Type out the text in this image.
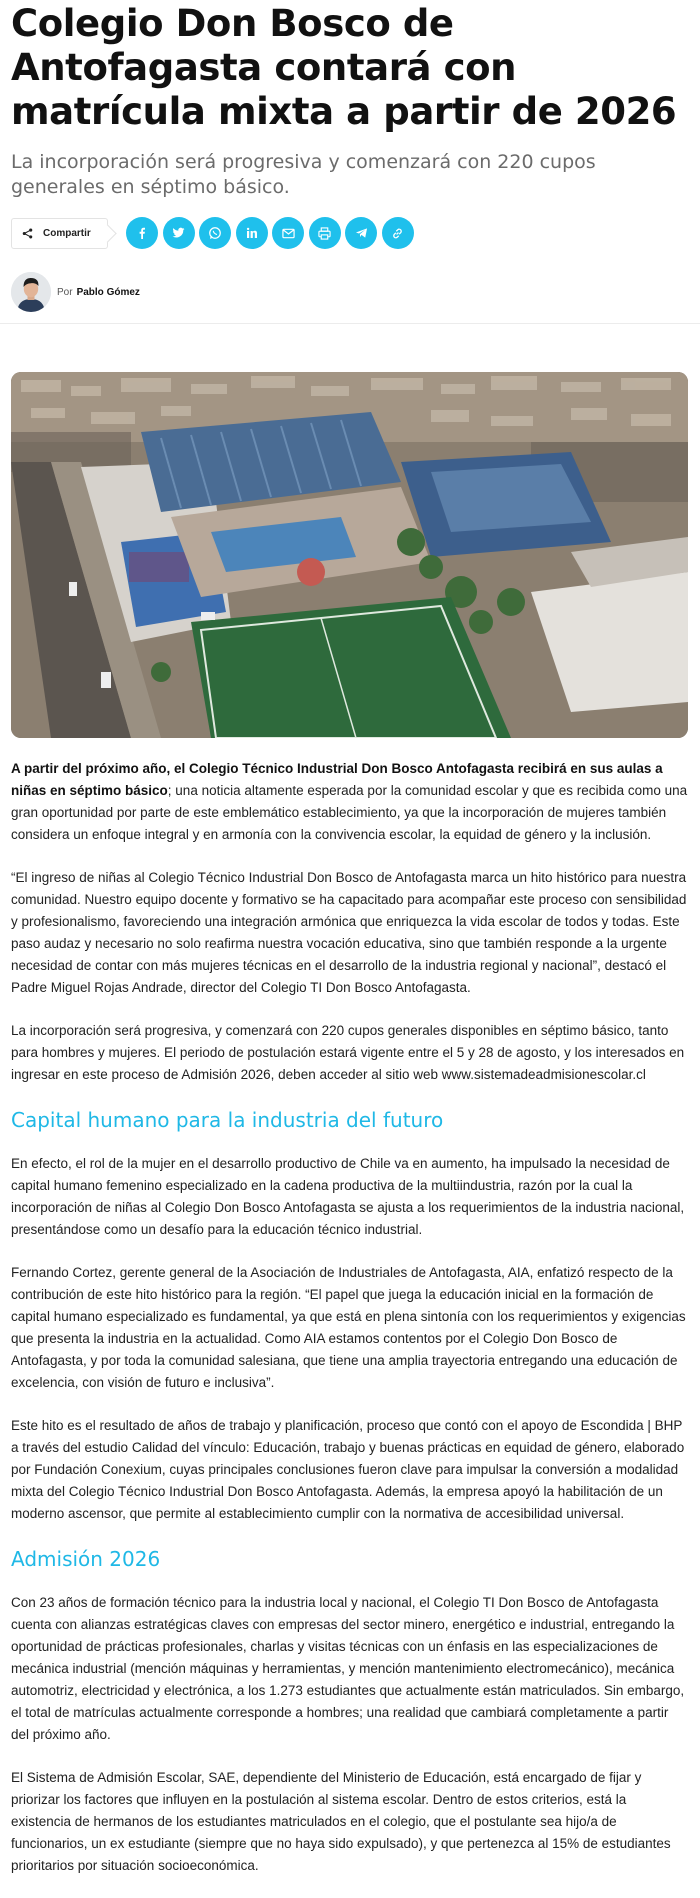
Colegio Don Bosco de Antofagasta contará con matrícula mixta a partir de 2026

La incorporación será progresiva y comenzará con 220 cupos generales en séptimo básico.

Compartir
Por Pablo Gómez

A partir del próximo año, el Colegio Técnico Industrial Don Bosco Antofagasta recibirá en sus aulas a niñas en séptimo básico; una noticia altamente esperada por la comunidad escolar y que es recibida como una gran oportunidad por parte de este emblemático establecimiento, ya que la incorporación de mujeres también considera un enfoque integral y en armonía con la convivencia escolar, la equidad de género y la inclusión.

“El ingreso de niñas al Colegio Técnico Industrial Don Bosco de Antofagasta marca un hito histórico para nuestra comunidad. Nuestro equipo docente y formativo se ha capacitado para acompañar este proceso con sensibilidad y profesionalismo, favoreciendo una integración armónica que enriquezca la vida escolar de todos y todas. Este paso audaz y necesario no solo reafirma nuestra vocación educativa, sino que también responde a la urgente necesidad de contar con más mujeres técnicas en el desarrollo de la industria regional y nacional”, destacó el Padre Miguel Rojas Andrade, director del Colegio TI Don Bosco Antofagasta.

La incorporación será progresiva, y comenzará con 220 cupos generales disponibles en séptimo básico, tanto para hombres y mujeres. El periodo de postulación estará vigente entre el 5 y 28 de agosto, y los interesados en ingresar en este proceso de Admisión 2026, deben acceder al sitio web www.sistemadeadmisionescolar.cl

Capital humano para la industria del futuro

En efecto, el rol de la mujer en el desarrollo productivo de Chile va en aumento, ha impulsado la necesidad de capital humano femenino especializado en la cadena productiva de la multiindustria, razón por la cual la incorporación de niñas al Colegio Don Bosco Antofagasta se ajusta a los requerimientos de la industria nacional, presentándose como un desafío para la educación técnico industrial.

Fernando Cortez, gerente general de la Asociación de Industriales de Antofagasta, AIA, enfatizó respecto de la contribución de este hito histórico para la región. “El papel que juega la educación inicial en la formación de capital humano especializado es fundamental, ya que está en plena sintonía con los requerimientos y exigencias que presenta la industria en la actualidad. Como AIA estamos contentos por el Colegio Don Bosco de Antofagasta, y por toda la comunidad salesiana, que tiene una amplia trayectoria entregando una educación de excelencia, con visión de futuro e inclusiva”.

Este hito es el resultado de años de trabajo y planificación, proceso que contó con el apoyo de Escondida | BHP a través del estudio Calidad del vínculo: Educación, trabajo y buenas prácticas en equidad de género, elaborado por Fundación Conexium, cuyas principales conclusiones fueron clave para impulsar la conversión a modalidad mixta del Colegio Técnico Industrial Don Bosco Antofagasta. Además, la empresa apoyó la habilitación de un moderno ascensor, que permite al establecimiento cumplir con la normativa de accesibilidad universal.

Admisión 2026

Con 23 años de formación técnico para la industria local y nacional, el Colegio TI Don Bosco de Antofagasta cuenta con alianzas estratégicas claves con empresas del sector minero, energético e industrial, entregando la oportunidad de prácticas profesionales, charlas y visitas técnicas con un énfasis en las especializaciones de mecánica industrial (mención máquinas y herramientas, y mención mantenimiento electromecánico), mecánica automotriz, electricidad y electrónica, a los 1.273 estudiantes que actualmente están matriculados. Sin embargo, el total de matrículas actualmente corresponde a hombres; una realidad que cambiará completamente a partir del próximo año.

El Sistema de Admisión Escolar, SAE, dependiente del Ministerio de Educación, está encargado de fijar y priorizar los factores que influyen en la postulación al sistema escolar. Dentro de estos criterios, está la existencia de hermanos de los estudiantes matriculados en el colegio, que el postulante sea hijo/a de funcionarios, un ex estudiante (siempre que no haya sido expulsado), y que pertenezca al 15% de estudiantes prioritarios por situación socioeconómica.
